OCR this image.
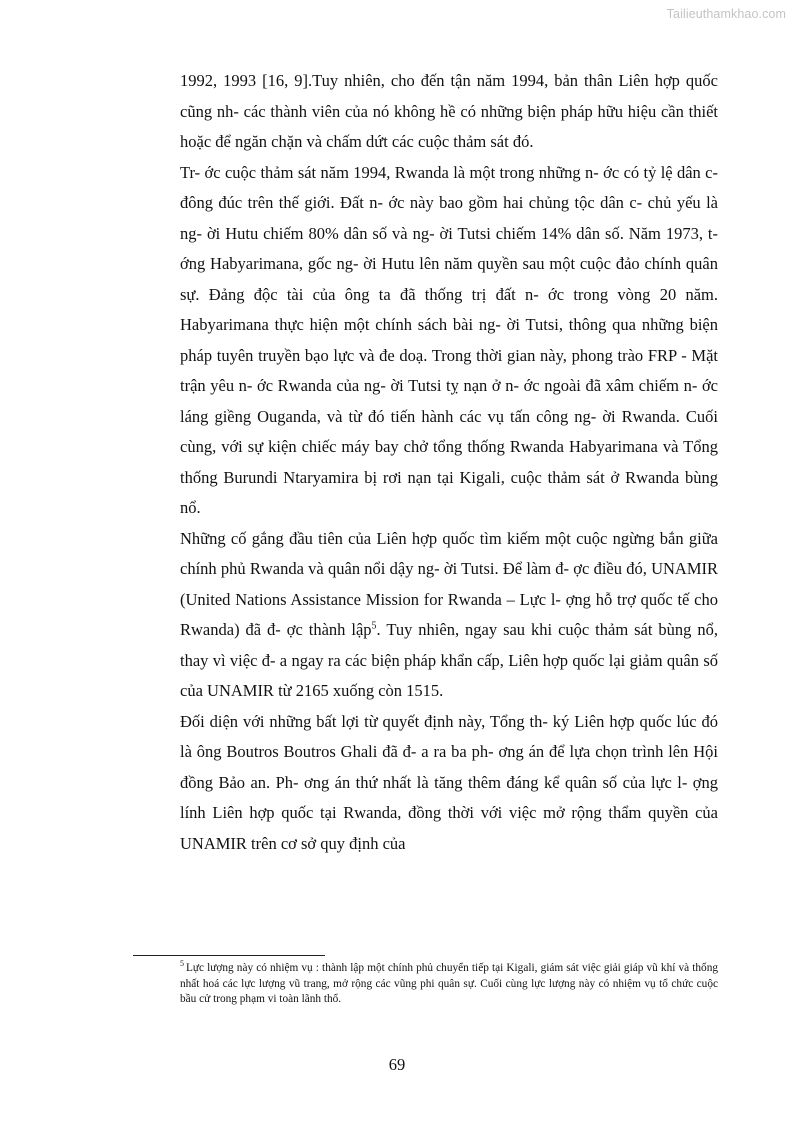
Tailieuthamkhao.com

1992, 1993 [16, 9].Tuy nhiên, cho đến tận năm 1994, bản thân Liên hợp quốc cũng nh- các thành viên của nó không hề có những biện pháp hữu hiệu cần thiết hoặc để ngăn chặn và chấm dứt các cuộc thảm sát đó.

Tr- ớc cuộc thảm sát năm 1994, Rwanda là một trong những n- ớc có tỷ lệ dân c- đông đúc trên thế giới. Đất n- ớc này bao gồm hai chủng tộc dân c- chủ yếu là ng- ời Hutu chiếm 80% dân số và ng- ời Tutsi chiếm 14% dân số. Năm 1973, t- ớng Habyarimana, gốc ng- ời Hutu lên năm quyền sau một cuộc đảo chính quân sự. Đảng độc tài của ông ta đã thống trị đất n- ớc trong vòng 20 năm. Habyarimana thực hiện một chính sách bài ng- ời Tutsi, thông qua những biện pháp tuyên truyền bạo lực và đe doạ. Trong thời gian này, phong trào FRP - Mặt trận yêu n- ớc Rwanda của ng- ời Tutsi tỵ nạn ở n- ớc ngoài đã xâm chiếm n- ớc láng giềng Ouganda, và từ đó tiến hành các vụ tấn công ng- ời Rwanda. Cuối cùng, với sự kiện chiếc máy bay chở tổng thống Rwanda Habyarimana và Tổng thống Burundi Ntaryamira bị rơi nạn tại Kigali, cuộc thảm sát ở Rwanda bùng nổ.

Những cố gắng đầu tiên của Liên hợp quốc tìm kiếm một cuộc ngừng bắn giữa chính phủ Rwanda và quân nổi dậy ng- ời Tutsi. Để làm đ- ợc điều đó, UNAMIR (United Nations Assistance Mission for Rwanda – Lực l- ợng hỗ trợ quốc tế cho Rwanda) đã đ- ợc thành lập$^5$. Tuy nhiên, ngay sau khi cuộc thảm sát bùng nổ, thay vì việc đ- a ngay ra các biện pháp khẩn cấp, Liên hợp quốc lại giảm quân số của UNAMIR từ 2165 xuống còn 1515.

Đối diện với những bất lợi từ quyết định này, Tổng th- ký Liên hợp quốc lúc đó là ông Boutros Boutros Ghali đã đ- a ra ba ph- ơng án để lựa chọn trình lên Hội đồng Bảo an. Ph- ơng án thứ nhất là tăng thêm đáng kể quân số của lực l- ợng lính Liên hợp quốc tại Rwanda, đồng thời với việc mở rộng thẩm quyền của UNAMIR trên cơ sở quy định của

$^5$ Lực lượng này có nhiệm vụ : thành lập một chính phủ chuyển tiếp tại Kigali, giám sát việc giải giáp vũ khí và thống nhất hoá các lực lượng vũ trang, mở rộng các vũng phi quân sự. Cuối cùng lực lượng này có nhiệm vụ tổ chức cuộc bầu cử trong phạm vi toàn lãnh thổ.

69
